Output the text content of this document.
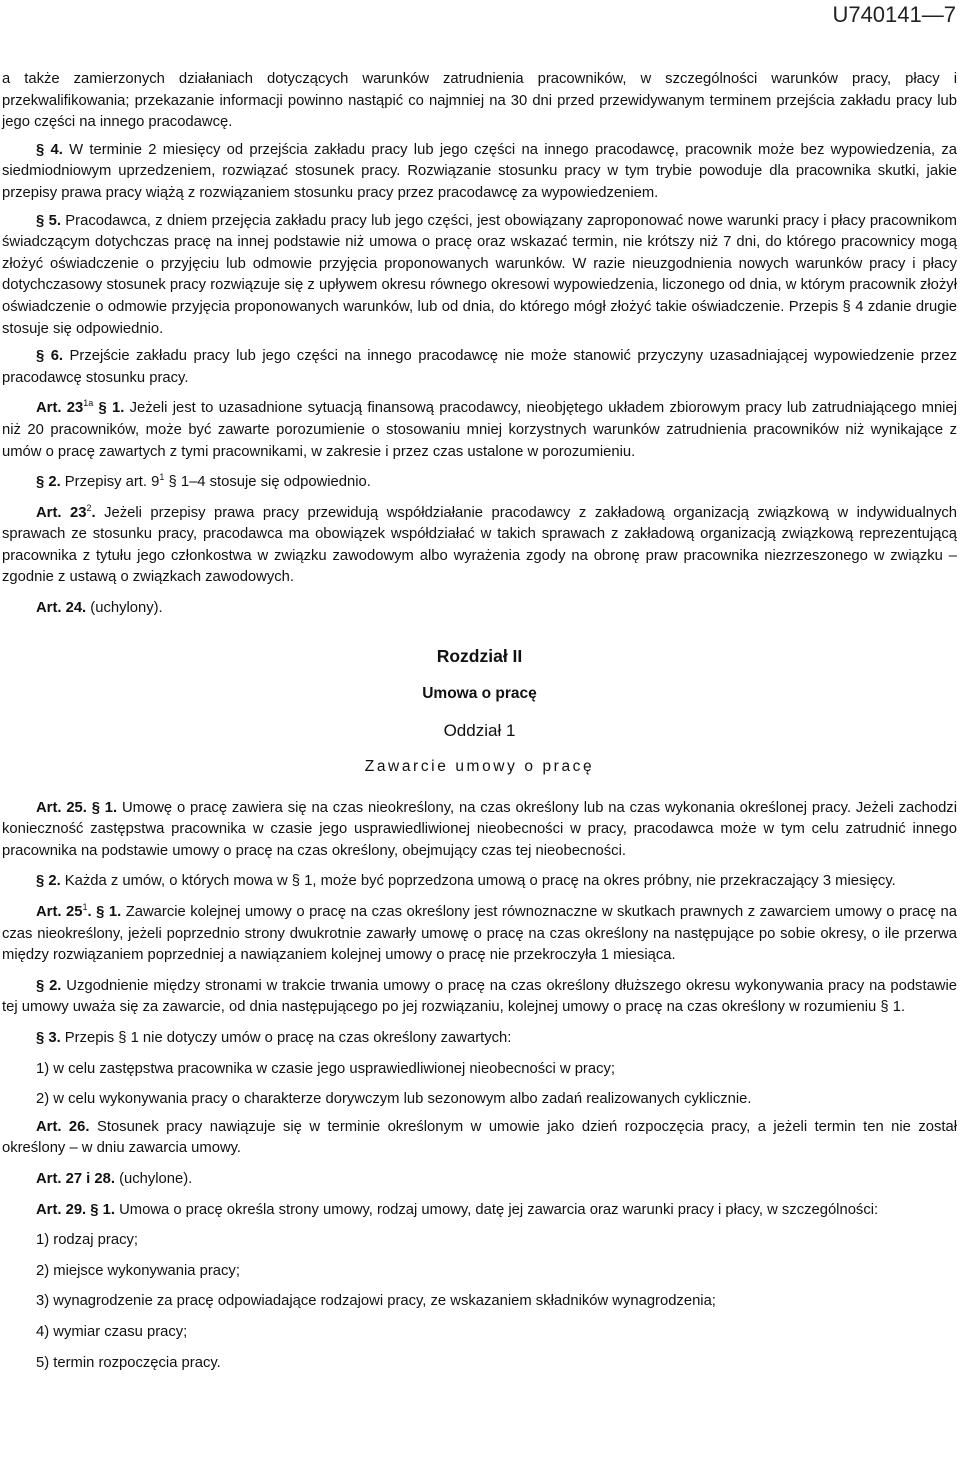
U740141—7

a także zamierzonych działaniach dotyczących warunków zatrudnienia pracowników, w szczególności warunków pracy, płacy i przekwalifikowania; przekazanie informacji powinno nastąpić co najmniej na 30 dni przed przewidywanym terminem przejścia zakładu pracy lub jego części na innego pracodawcę.

§ 4. W terminie 2 miesięcy od przejścia zakładu pracy lub jego części na innego pracodawcę, pracownik może bez wypowiedzenia, za siedmiodniowym uprzedzeniem, rozwiązać stosunek pracy. Rozwiązanie stosunku pracy w tym trybie powoduje dla pracownika skutki, jakie przepisy prawa pracy wiążą z rozwiązaniem stosunku pracy przez pracodawcę za wypowiedzeniem.

§ 5. Pracodawca, z dniem przejęcia zakładu pracy lub jego części, jest obowiązany zaproponować nowe warunki pracy i płacy pracownikom świadczącym dotychczas pracę na innej podstawie niż umowa o pracę oraz wskazać termin, nie krótszy niż 7 dni, do którego pracownicy mogą złożyć oświadczenie o przyjęciu lub odmowie przyjęcia proponowanych warunków. W razie nieuzgodnienia nowych warunków pracy i płacy dotychczasowy stosunek pracy rozwiązuje się z upływem okresu równego okresowi wypowiedzenia, liczonego od dnia, w którym pracownik złożył oświadczenie o odmowie przyjęcia proponowanych warunków, lub od dnia, do którego mógł złożyć takie oświadczenie. Przepis § 4 zdanie drugie stosuje się odpowiednio.

§ 6. Przejście zakładu pracy lub jego części na innego pracodawcę nie może stanowić przyczyny uzasadniającej wypowiedzenie przez pracodawcę stosunku pracy.

Art. $23^{1a}$ § 1. Jeżeli jest to uzasadnione sytuacją finansową pracodawcy, nieobjętego układem zbiorowym pracy lub zatrudniającego mniej niż 20 pracowników, może być zawarte porozumienie o stosowaniu mniej korzystnych warunków zatrudnienia pracowników niż wynikające z umów o pracę zawartych z tymi pracownikami, w zakresie i przez czas ustalone w porozumieniu.

§ 2. Przepisy art. $9^1$ § 1–4 stosuje się odpowiednio.

Art. $23^2$. Jeżeli przepisy prawa pracy przewidują współdziałanie pracodawcy z zakładową organizacją związkową w indywidualnych sprawach ze stosunku pracy, pracodawca ma obowiązek współdziałać w takich sprawach z zakładową organizacją związkową reprezentującą pracownika z tytułu jego członkostwa w związku zawodowym albo wyrażenia zgody na obronę praw pracownika niezrzeszonego w związku – zgodnie z ustawą o związkach zawodowych.

Art. 24. (uchylony).

Rozdział II
Umowa o pracę
Oddział 1
Zawarcie umowy o pracę

Art. 25. § 1. Umowę o pracę zawiera się na czas nieokreślony, na czas określony lub na czas wykonania określonej pracy. Jeżeli zachodzi konieczność zastępstwa pracownika w czasie jego usprawiedliwionej nieobecności w pracy, pracodawca może w tym celu zatrudnić innego pracownika na podstawie umowy o pracę na czas określony, obejmujący czas tej nieobecności.

§ 2. Każda z umów, o których mowa w § 1, może być poprzedzona umową o pracę na okres próbny, nie przekraczający 3 miesięcy.

Art. $25^1$. § 1. Zawarcie kolejnej umowy o pracę na czas określony jest równoznaczne w skutkach prawnych z zawarciem umowy o pracę na czas nieokreślony, jeżeli poprzednio strony dwukrotnie zawarły umowę o pracę na czas określony na następujące po sobie okresy, o ile przerwa między rozwiązaniem poprzedniej a nawiązaniem kolejnej umowy o pracę nie przekroczyła 1 miesiąca.

§ 2. Uzgodnienie między stronami w trakcie trwania umowy o pracę na czas określony dłuższego okresu wykonywania pracy na podstawie tej umowy uważa się za zawarcie, od dnia następującego po jej rozwiązaniu, kolejnej umowy o pracę na czas określony w rozumieniu § 1.

§ 3. Przepis § 1 nie dotyczy umów o pracę na czas określony zawartych:

1) w celu zastępstwa pracownika w czasie jego usprawiedliwionej nieobecności w pracy;

2) w celu wykonywania pracy o charakterze dorywczym lub sezonowym albo zadań realizowanych cyklicznie.

Art. 26. Stosunek pracy nawiązuje się w terminie określonym w umowie jako dzień rozpoczęcia pracy, a jeżeli termin ten nie został określony – w dniu zawarcia umowy.

Art. 27 i 28. (uchylone).

Art. 29. § 1. Umowa o pracę określa strony umowy, rodzaj umowy, datę jej zawarcia oraz warunki pracy i płacy, w szczególności:

1) rodzaj pracy;

2) miejsce wykonywania pracy;

3) wynagrodzenie za pracę odpowiadające rodzajowi pracy, ze wskazaniem składników wynagrodzenia;

4) wymiar czasu pracy;

5) termin rozpoczęcia pracy.
